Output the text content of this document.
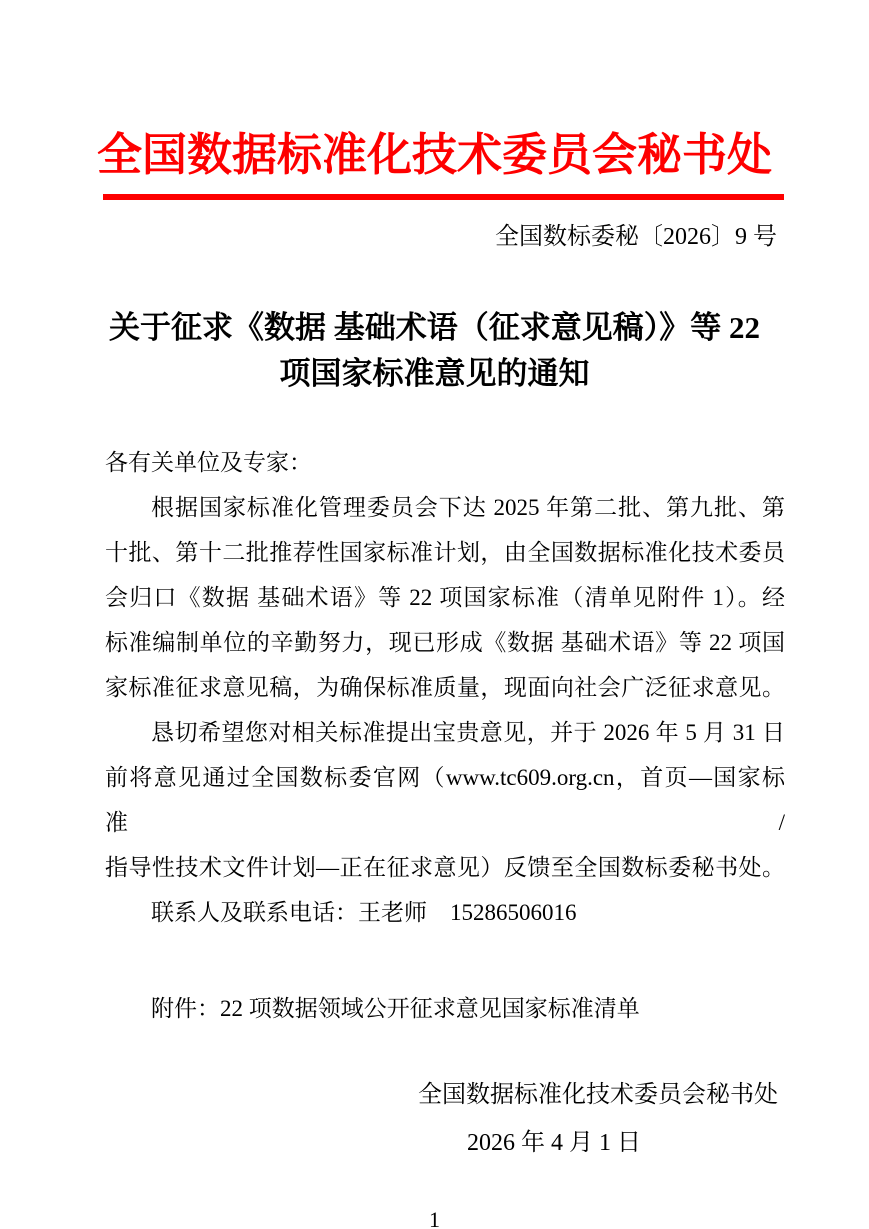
全国数据标准化技术委员会秘书处
全国数标委秘〔2026〕9 号
关于征求《数据 基础术语（征求意见稿）》等 22
项国家标准意见的通知
各有关单位及专家：
根据国家标准化管理委员会下达 2025 年第二批、第九批、第
十批、第十二批推荐性国家标准计划，由全国数据标准化技术委员
会归口《数据 基础术语》等 22 项国家标准（清单见附件 1）。经
标准编制单位的辛勤努力，现已形成《数据 基础术语》等 22 项国
家标准征求意见稿，为确保标准质量，现面向社会广泛征求意见。
恳切希望您对相关标准提出宝贵意见，并于 2026 年 5 月 31 日
前将意见通过全国数标委官网（www.tc609.org.cn，首页—国家标准/
指导性技术文件计划—正在征求意见）反馈至全国数标委秘书处。
联系人及联系电话：王老师　15286506016
附件：22 项数据领域公开征求意见国家标准清单
全国数据标准化技术委员会秘书处
2026 年 4 月 1 日
1
